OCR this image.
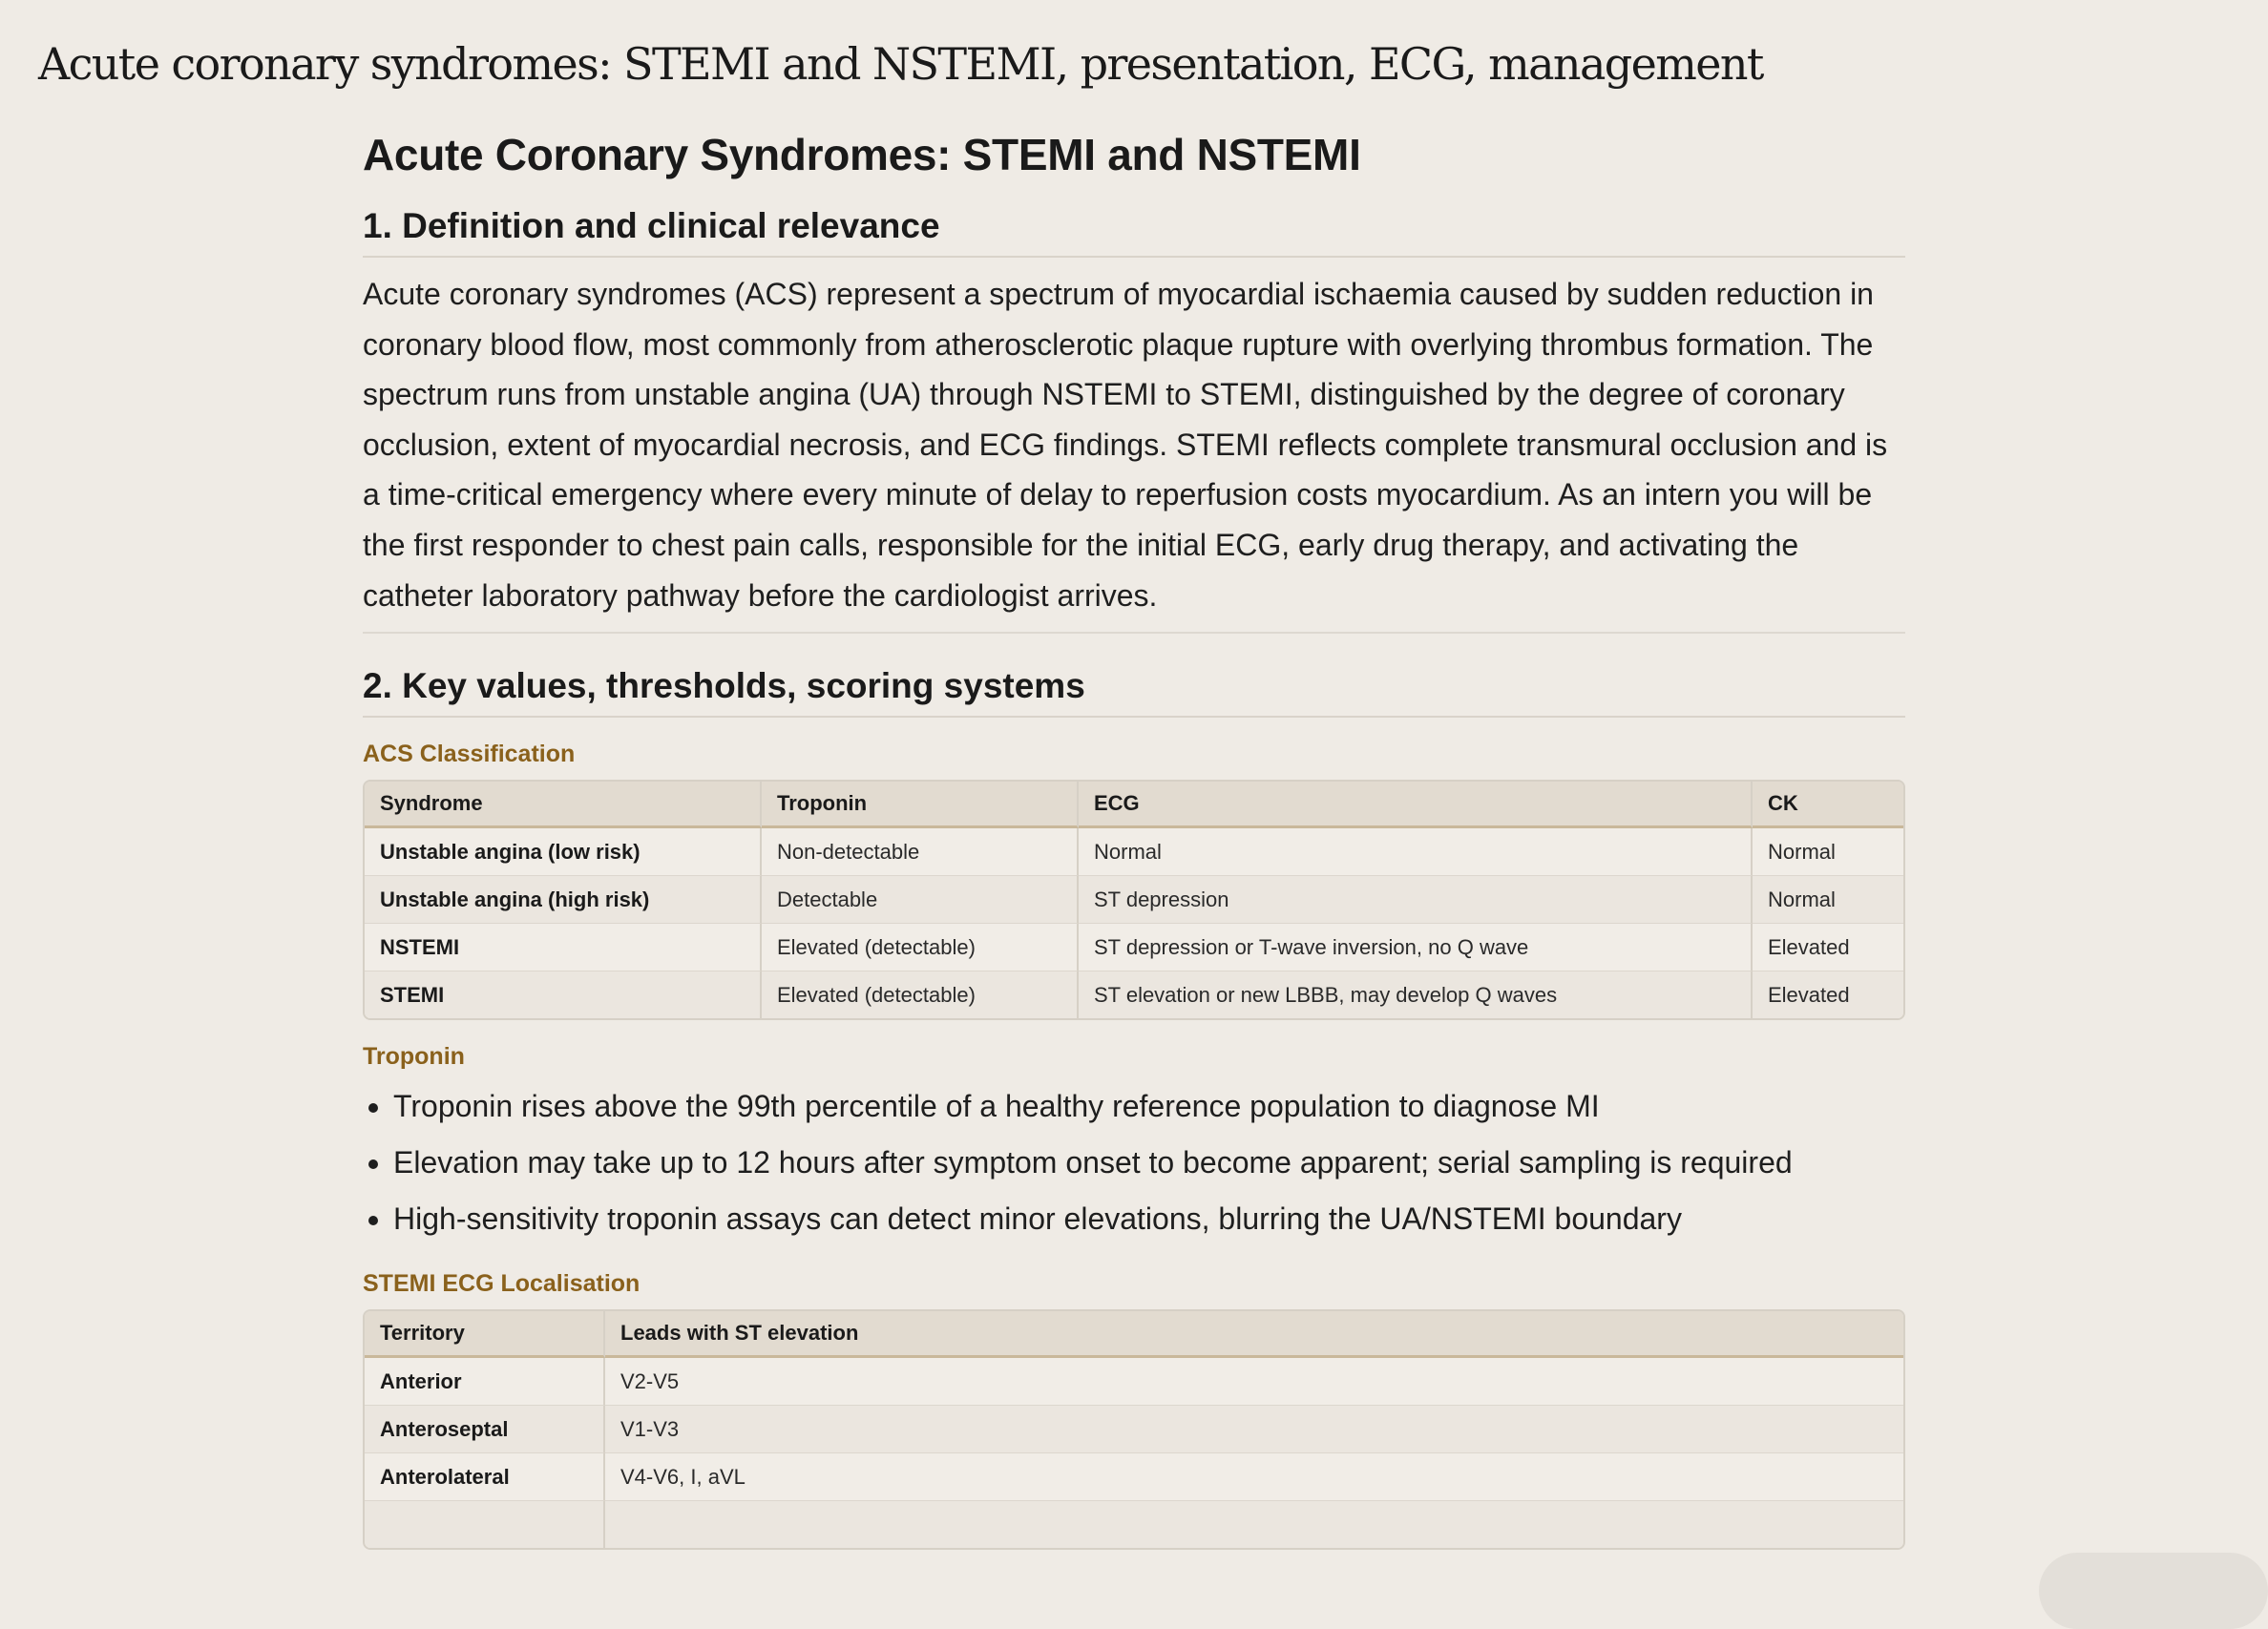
Acute coronary syndromes: STEMI and NSTEMI, presentation, ECG, management
Acute Coronary Syndromes: STEMI and NSTEMI
1. Definition and clinical relevance

Acute coronary syndromes (ACS) represent a spectrum of myocardial ischaemia caused by sudden reduction in coronary blood flow, most commonly from atherosclerotic plaque rupture with overlying thrombus formation. The spectrum runs from unstable angina (UA) through NSTEMI to STEMI, distinguished by the degree of coronary occlusion, extent of myocardial necrosis, and ECG findings. STEMI reflects complete transmural occlusion and is a time-critical emergency where every minute of delay to reperfusion costs myocardium. As an intern you will be the first responder to chest pain calls, responsible for the initial ECG, early drug therapy, and activating the catheter laboratory pathway before the cardiologist arrives.

2. Key values, thresholds, scoring systems
ACS Classification
Syndrome	Troponin	ECG	CK
Unstable angina (low risk)	Non-detectable	Normal	Normal
Unstable angina (high risk)	Detectable	ST depression	Normal
NSTEMI	Elevated (detectable)	ST depression or T-wave inversion, no Q wave	Elevated
STEMI	Elevated (detectable)	ST elevation or new LBBB, may develop Q waves	Elevated
Troponin
• Troponin rises above the 99th percentile of a healthy reference population to diagnose MI
• Elevation may take up to 12 hours after symptom onset to become apparent; serial sampling is required
• High-sensitivity troponin assays can detect minor elevations, blurring the UA/NSTEMI boundary
STEMI ECG Localisation
Territory	Leads with ST elevation
Anterior	V2-V5
Anteroseptal	V1-V3
Anterolateral	V4-V6, I, aVL
